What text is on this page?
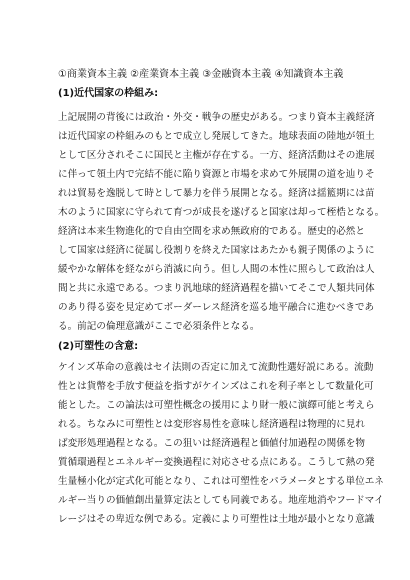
①商業資本主義 ②産業資本主義 ③金融資本主義 ④知識資本主義
(1)近代国家の枠組み:
上記展開の背後には政治・外交・戦争の歴史がある。つまり資本主義経済
は近代国家の枠組みのもとで成立し発展してきた。地球表面の陸地が領土
として区分されそこに国民と主権が存在する。一方、経済活動はその進展
に伴って領土内で完結不能に陥り資源と市場を求めて外展開の道を辿りそ
れは貿易を逸脱して時として暴力を伴う展開となる。経済は揺籃期には苗
木のように国家に守られて育つが成長を遂げると国家は却って桎梏となる。
経済は本来生物進化的で自由空間を求め無政府的である。歴史的必然と
して国家は経済に従属し役割りを終えた国家はあたかも親子関係のように
緩やかな解体を経ながら消滅に向う。但し人間の本性に照らして政治は人
間と共に永遠である。つまり汎地球的経済過程を描いてそこで人類共同体
のあり得る姿を見定めてボーダーレス経済を巡る地平融合に進むべきであ
る。前記の倫理意識がここで必須条件となる。
(2)可塑性の含意:
ケインズ革命の意義はセイ法則の否定に加えて流動性選好説にある。流動
性とは貨幣を手放す便益を指すがケインズはこれを利子率として数量化可
能とした。この論法は可塑性概念の援用により財一般に演繹可能と考えら
れる。ちなみに可塑性とは変形容易性を意味し経済過程は物理的に見れ
ば変形処理過程となる。この狙いは経済過程と価値付加過程の関係を物
質循環過程とエネルギー変換過程に対応させる点にある。こうして熱の発
生量極小化が定式化可能となり、これは可塑性をパラメータとする単位エネ
ルギー当りの価値創出量算定法としても同義である。地産地消やフードマイ
レージはその卑近な例である。定義により可塑性は土地が最小となり意識
